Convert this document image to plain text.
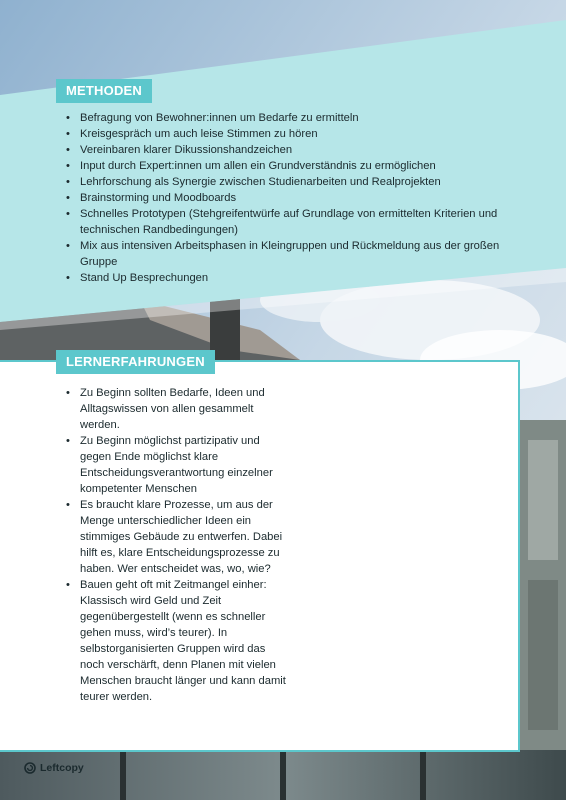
METHODEN
• Befragung von Bewohner:innen um Bedarfe zu ermitteln
• Kreisgespräch um auch leise Stimmen zu hören
• Vereinbaren klarer Dikussionshandzeichen
• Input durch Expert:innen um allen ein Grundverständnis zu ermöglichen
• Lehrforschung als Synergie zwischen Studienarbeiten und Realprojekten
• Brainstorming und Moodboards
• Schnelles Prototypen (Stehgreifentwürfe auf Grundlage von ermittelten Kriterien und technischen Randbedingungen)
• Mix aus intensiven Arbeitsphasen in Kleingruppen und Rückmeldung aus der großen Gruppe
• Stand Up Besprechungen
LERNERFAHRUNGEN
• Zu Beginn sollten Bedarfe, Ideen und Alltagswissen von allen gesammelt werden.
• Zu Beginn möglichst partizipativ und gegen Ende möglichst klare Entscheidungsverantwortung einzelner kompetenter Menschen
• Es braucht klare Prozesse, um aus der Menge unterschiedlicher Ideen ein stimmiges Gebäude zu entwerfen. Dabei hilft es, klare Entscheidungsprozesse zu haben. Wer entscheidet was, wo, wie?
• Bauen geht oft mit Zeitmangel einher: Klassisch wird Geld und Zeit gegenübergestellt (wenn es schneller gehen muss, wird’s teurer). In selbstorganisierten Gruppen wird das noch verschärft, denn Planen mit vielen Menschen braucht länger und kann damit teurer werden.
Leftcopy
